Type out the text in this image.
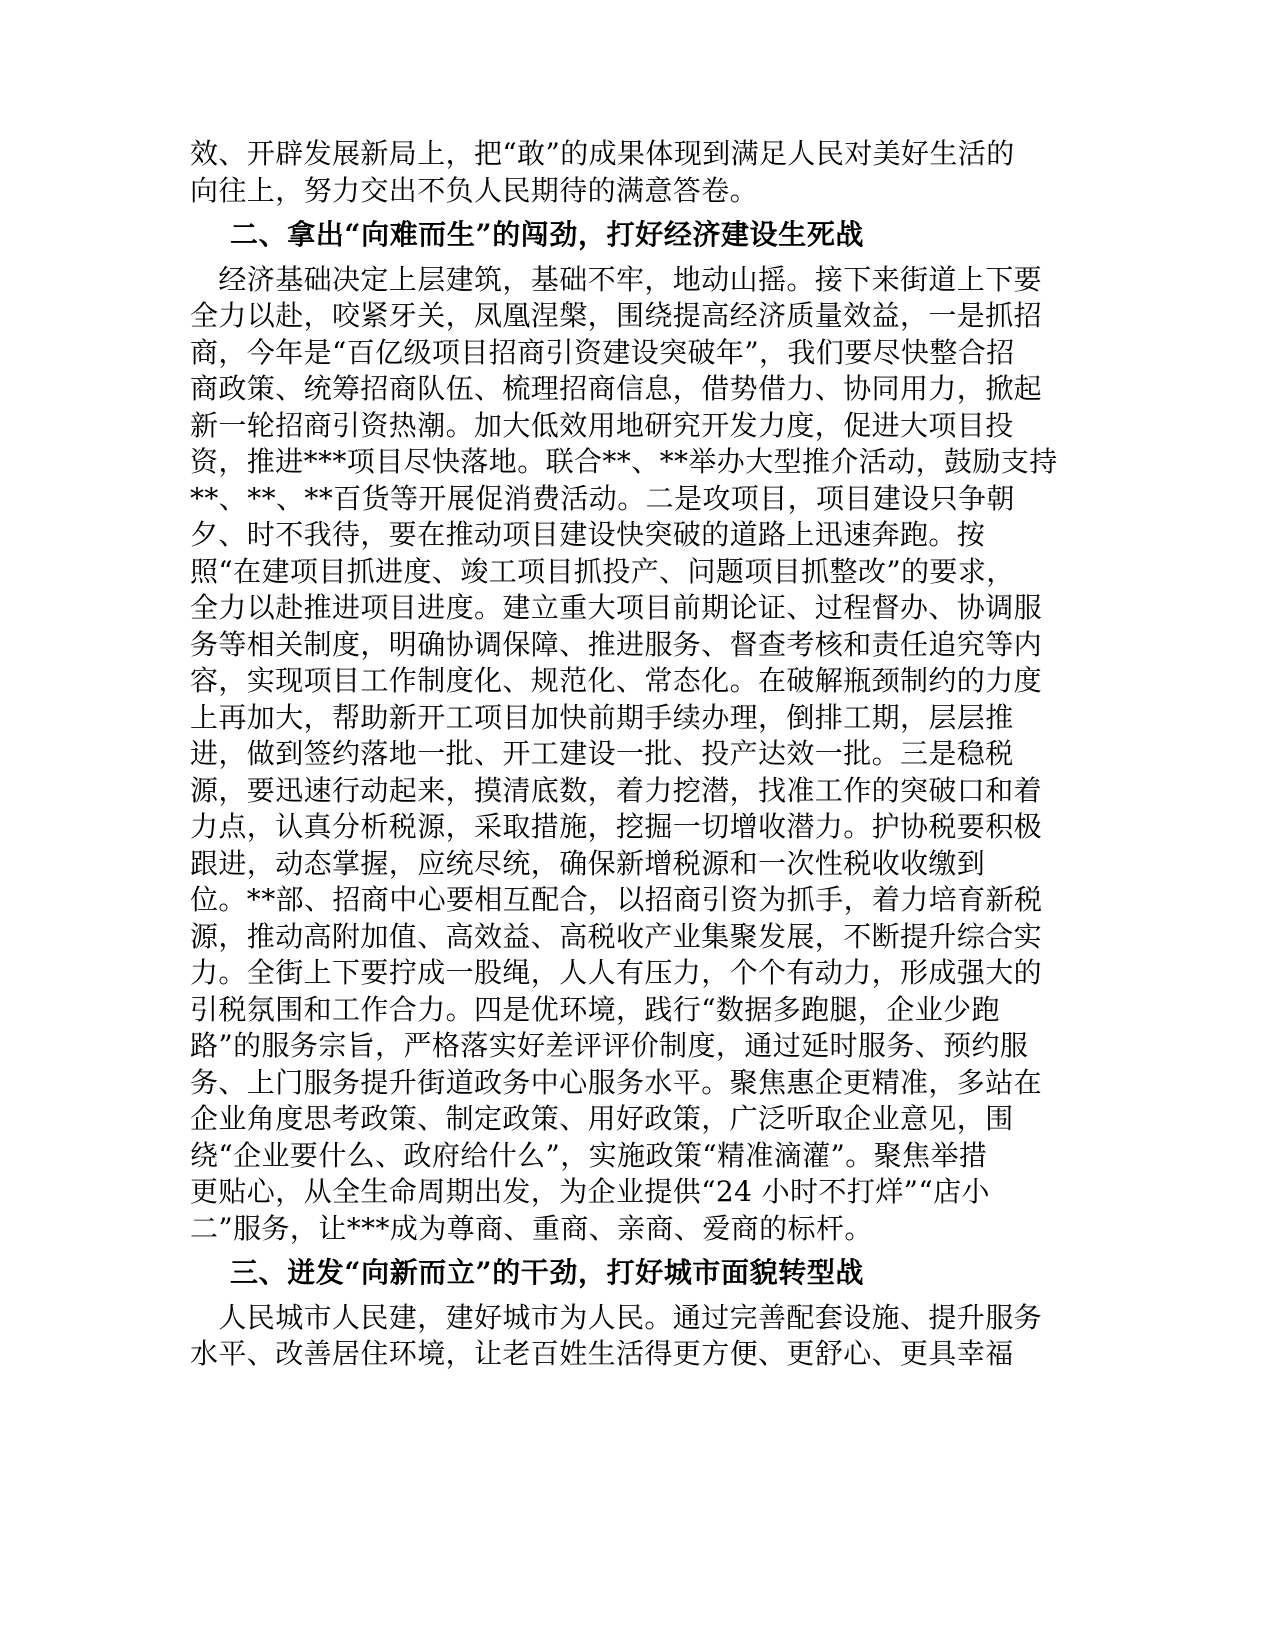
效、开辟发展新局上，把“敢”的成果体现到满足人民对美好生活的
向往上，努力交出不负人民期待的满意答卷。
二、拿出“向难而生”的闯劲，打好经济建设生死战
　经济基础决定上层建筑，基础不牢，地动山摇。接下来街道上下要
全力以赴，咬紧牙关，凤凰涅槃，围绕提高经济质量效益，一是抓招
商，今年是“百亿级项目招商引资建设突破年”，我们要尽快整合招
商政策、统筹招商队伍、梳理招商信息，借势借力、协同用力，掀起
新一轮招商引资热潮。加大低效用地研究开发力度，促进大项目投
资，推进***项目尽快落地。联合**、**举办大型推介活动，鼓励支持
**、**、**百货等开展促消费活动。二是攻项目，项目建设只争朝
夕、时不我待，要在推动项目建设快突破的道路上迅速奔跑。按
照“在建项目抓进度、竣工项目抓投产、问题项目抓整改”的要求，
全力以赴推进项目进度。建立重大项目前期论证、过程督办、协调服
务等相关制度，明确协调保障、推进服务、督查考核和责任追究等内
容，实现项目工作制度化、规范化、常态化。在破解瓶颈制约的力度
上再加大，帮助新开工项目加快前期手续办理，倒排工期，层层推
进，做到签约落地一批、开工建设一批、投产达效一批。三是稳税
源，要迅速行动起来，摸清底数，着力挖潜，找准工作的突破口和着
力点，认真分析税源，采取措施，挖掘一切增收潜力。护协税要积极
跟进，动态掌握，应统尽统，确保新增税源和一次性税收收缴到
位。**部、招商中心要相互配合，以招商引资为抓手，着力培育新税
源，推动高附加值、高效益、高税收产业集聚发展，不断提升综合实
力。全街上下要拧成一股绳，人人有压力，个个有动力，形成强大的
引税氛围和工作合力。四是优环境，践行“数据多跑腿，企业少跑
路”的服务宗旨，严格落实好差评评价制度，通过延时服务、预约服
务、上门服务提升街道政务中心服务水平。聚焦惠企更精准，多站在
企业角度思考政策、制定政策、用好政策，广泛听取企业意见，围
绕“企业要什么、政府给什么”，实施政策“精准滴灌”。聚焦举措
更贴心，从全生命周期出发，为企业提供“24 小时不打烊”“店小
二”服务，让***成为尊商、重商、亲商、爱商的标杆。
三、迸发“向新而立”的干劲，打好城市面貌转型战
　人民城市人民建，建好城市为人民。通过完善配套设施、提升服务
水平、改善居住环境，让老百姓生活得更方便、更舒心、更具幸福
